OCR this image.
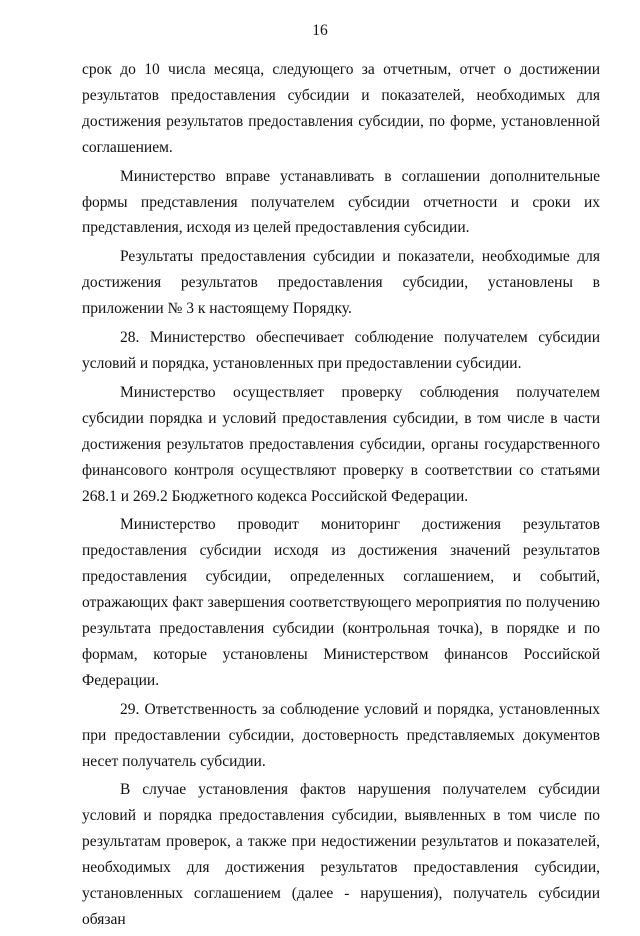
16

срок до 10 числа месяца, следующего за отчетным, отчет о достижении результатов предоставления субсидии и показателей, необходимых для достижения результатов предоставления субсидии, по форме, установленной соглашением.

Министерство вправе устанавливать в соглашении дополнительные формы представления получателем субсидии отчетности и сроки их представления, исходя из целей предоставления субсидии.

Результаты предоставления субсидии и показатели, необходимые для достижения результатов предоставления субсидии, установлены в приложении № 3 к настоящему Порядку.

28. Министерство обеспечивает соблюдение получателем субсидии условий и порядка, установленных при предоставлении субсидии.

Министерство осуществляет проверку соблюдения получателем субсидии порядка и условий предоставления субсидии, в том числе в части достижения результатов предоставления субсидии, органы государственного финансового контроля осуществляют проверку в соответствии со статьями 268.1 и 269.2 Бюджетного кодекса Российской Федерации.

Министерство проводит мониторинг достижения результатов предоставления субсидии исходя из достижения значений результатов предоставления субсидии, определенных соглашением, и событий, отражающих факт завершения соответствующего мероприятия по получению результата предоставления субсидии (контрольная точка), в порядке и по формам, которые установлены Министерством финансов Российской Федерации.

29. Ответственность за соблюдение условий и порядка, установленных при предоставлении субсидии, достоверность представляемых документов несет получатель субсидии.

В случае установления фактов нарушения получателем субсидии условий и порядка предоставления субсидии, выявленных в том числе по результатам проверок, а также при недостижении результатов и показателей, необходимых для достижения результатов предоставления субсидии, установленных соглашением (далее - нарушения), получатель субсидии обязан
